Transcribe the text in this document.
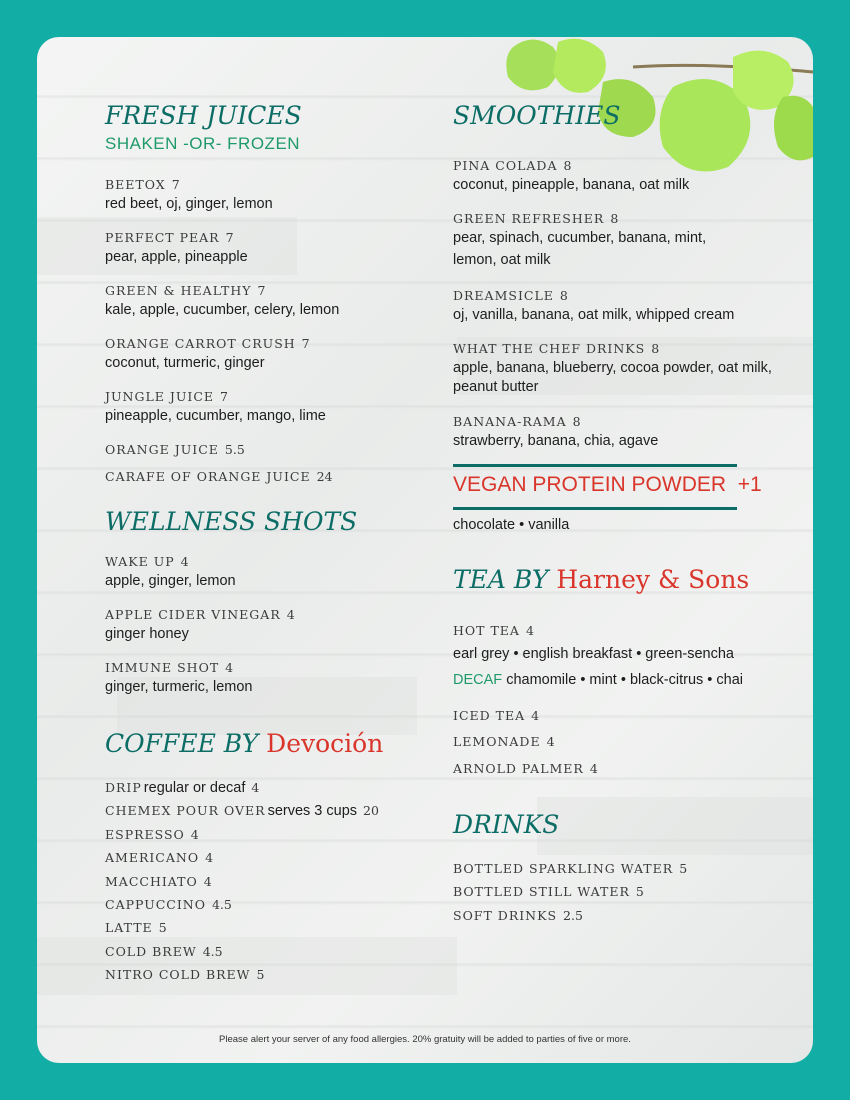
FRESH JUICES
SHAKEN -OR- FROZEN
BEETOX 7
red beet, oj, ginger, lemon
PERFECT PEAR 7
pear, apple, pineapple
GREEN & HEALTHY 7
kale, apple, cucumber, celery, lemon
ORANGE CARROT CRUSH 7
coconut, turmeric, ginger
JUNGLE JUICE 7
pineapple, cucumber, mango, lime
ORANGE JUICE 5.5
CARAFE OF ORANGE JUICE 24
WELLNESS SHOTS
WAKE UP 4
apple, ginger, lemon
APPLE CIDER VINEGAR 4
ginger honey
IMMUNE SHOT 4
ginger, turmeric, lemon
COFFEE BY Devoción
DRIP regular or decaf 4
CHEMEX POUR OVER serves 3 cups 20
ESPRESSO 4
AMERICANO 4
MACCHIATO 4
CAPPUCCINO 4.5
LATTE 5
COLD BREW 4.5
NITRO COLD BREW 5
SMOOTHIES
PINA COLADA 8
coconut, pineapple, banana, oat milk
GREEN REFRESHER 8
pear, spinach, cucumber, banana, mint,
lemon, oat milk
DREAMSICLE 8
oj, vanilla, banana, oat milk, whipped cream
WHAT THE CHEF DRINKS 8
apple, banana, blueberry, cocoa powder, oat milk,
peanut butter
BANANA-RAMA 8
strawberry, banana, chia, agave
VEGAN PROTEIN POWDER +1
chocolate • vanilla
TEA BY Harney & Sons
HOT TEA 4
earl grey • english breakfast • green-sencha
DECAF chamomile • mint • black-citrus • chai
ICED TEA 4
LEMONADE 4
ARNOLD PALMER 4
DRINKS
BOTTLED SPARKLING WATER 5
BOTTLED STILL WATER 5
SOFT DRINKS 2.5
Please alert your server of any food allergies. 20% gratuity will be added to parties of five or more.
